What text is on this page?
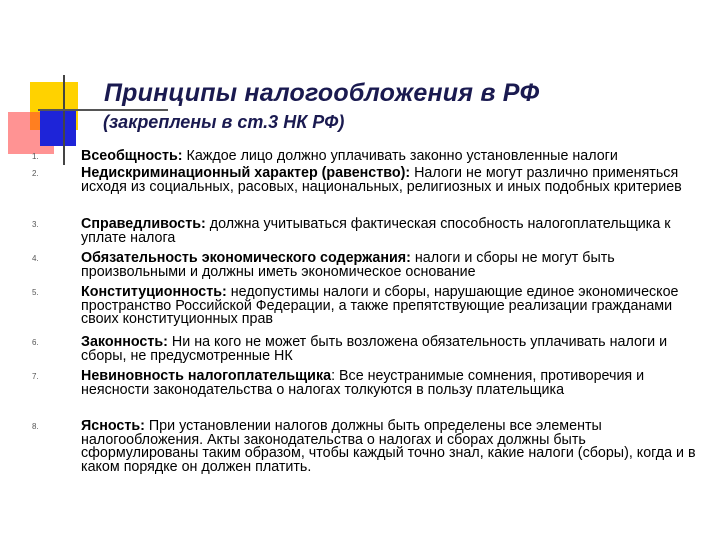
Принципы налогообложения в РФ
(закреплены в ст.3 НК РФ)
1.	Всеобщность: Каждое лицо должно уплачивать законно установленные налоги
2.	Недискриминационный характер (равенство): Налоги не могут различно применяться исходя из социальных, расовых, национальных, религиозных и иных подобных критериев
3.	Справедливость: должна учитываться фактическая способность налогоплательщика к уплате налога
4.	Обязательность экономического содержания: налоги и сборы не могут быть произвольными и должны иметь экономическое основание
5.	Конституционность: недопустимы налоги и сборы, нарушающие единое экономическое пространство Российской Федерации, а также препятствующие реализации гражданами своих конституционных прав
6.	Законность: Ни на кого не может быть возложена обязательность уплачивать налоги и сборы, не предусмотренные НК
7.	Невиновность налогоплательщика: Все неустранимые сомнения, противоречия и неясности законодательства о налогах толкуются в пользу плательщика
8.	Ясность: При установлении налогов должны быть определены все элементы налогообложения. Акты законодательства о налогах и сборах должны быть сформулированы таким образом, чтобы каждый точно знал, какие налоги (сборы), когда и в каком порядке он должен платить.
